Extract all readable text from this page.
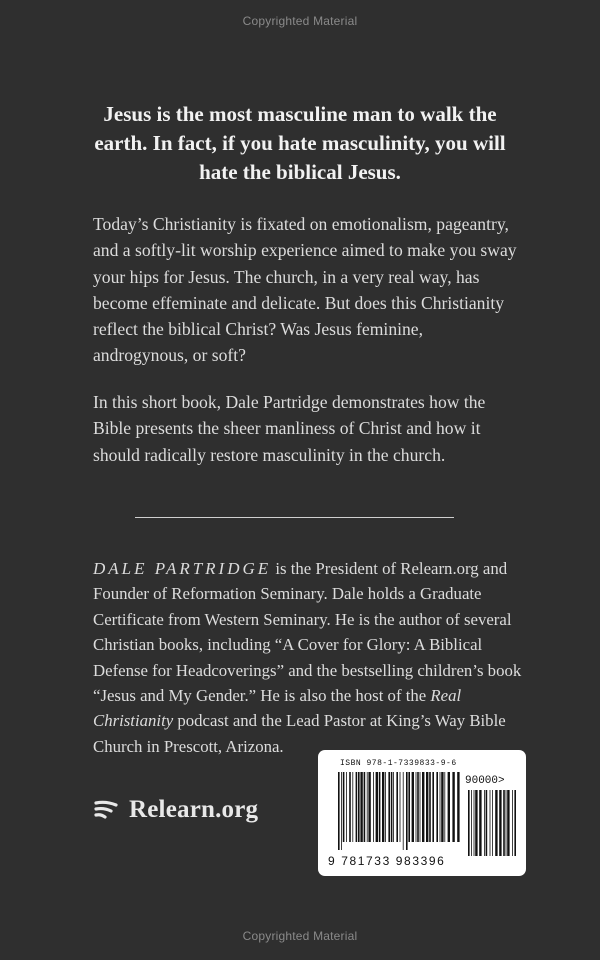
Copyrighted Material
Jesus is the most masculine man to walk the earth. In fact, if you hate masculinity, you will hate the biblical Jesus.

Today’s Christianity is fixated on emotionalism, pageantry, and a softly-lit worship experience aimed to make you sway your hips for Jesus. The church, in a very real way, has become effeminate and delicate. But does this Christianity reflect the biblical Christ? Was Jesus feminine, androgynous, or soft?

In this short book, Dale Partridge demonstrates how the Bible presents the sheer manliness of Christ and how it should radically restore masculinity in the church.

DALE PARTRIDGE is the President of Relearn.org and Founder of Reformation Seminary. Dale holds a Graduate Certificate from Western Seminary. He is the author of several Christian books, including “A Cover for Glory: A Biblical Defense for Headcoverings” and the bestselling children’s book “Jesus and My Gender.” He is also the host of the Real Christianity podcast and the Lead Pastor at King’s Way Bible Church in Prescott, Arizona.

Relearn.org
ISBN 978-1-7339833-9-6
90000>
9 781733 983396
Copyrighted Material
